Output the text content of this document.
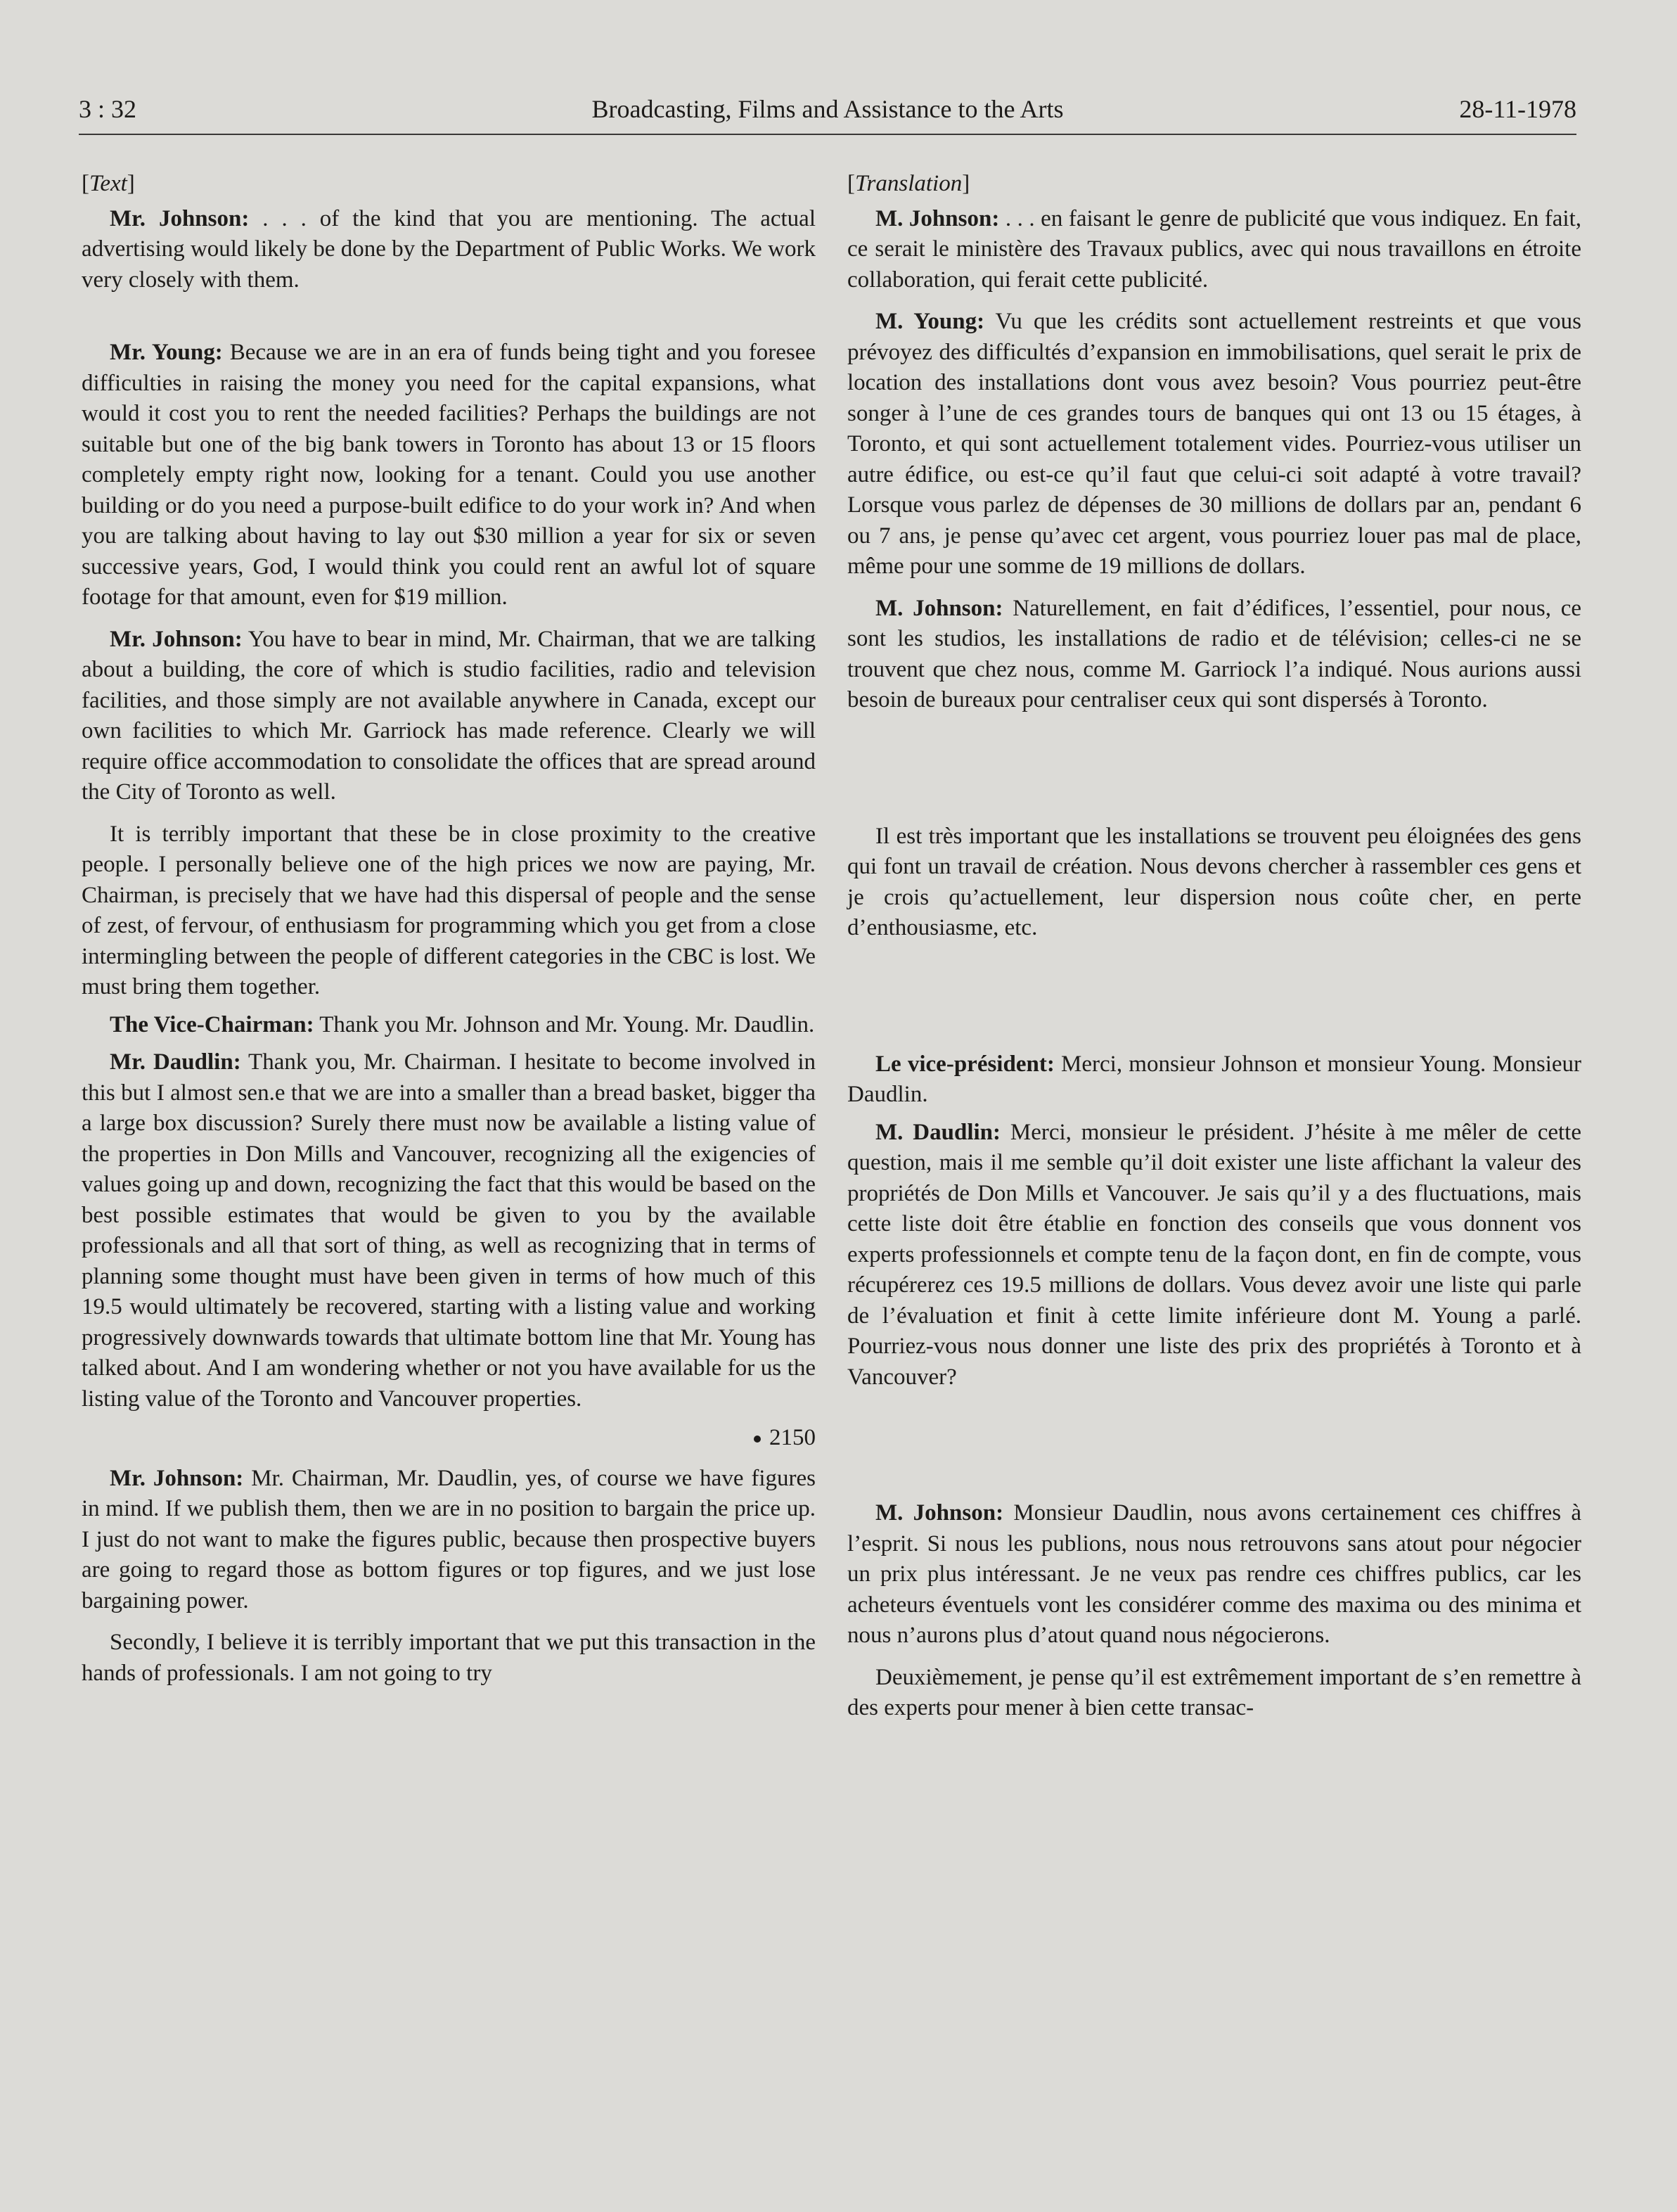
3 : 32	Broadcasting, Films and Assistance to the Arts	28-11-1978

[Text]

Mr. Johnson: . . . of the kind that you are mentioning. The actual advertising would likely be done by the Department of Public Works. We work very closely with them.

Mr. Young: Because we are in an era of funds being tight and you foresee difficulties in raising the money you need for the capital expansions, what would it cost you to rent the needed facilities? Perhaps the buildings are not suitable but one of the big bank towers in Toronto has about 13 or 15 floors completely empty right now, looking for a tenant. Could you use another building or do you need a purpose-built edifice to do your work in? And when you are talking about having to lay out $30 million a year for six or seven successive years, God, I would think you could rent an awful lot of square footage for that amount, even for $19 million.

Mr. Johnson: You have to bear in mind, Mr. Chairman, that we are talking about a building, the core of which is studio facilities, radio and television facilities, and those simply are not available anywhere in Canada, except our own facilities to which Mr. Garriock has made reference. Clearly we will require office accommodation to consolidate the offices that are spread around the City of Toronto as well.

It is terribly important that these be in close proximity to the creative people. I personally believe one of the high prices we now are paying, Mr. Chairman, is precisely that we have had this dispersal of people and the sense of zest, of fervour, of enthusiasm for programming which you get from a close intermingling between the people of different categories in the CBC is lost. We must bring them together.

The Vice-Chairman: Thank you Mr. Johnson and Mr. Young. Mr. Daudlin.

Mr. Daudlin: Thank you, Mr. Chairman. I hesitate to become involved in this but I almost sen.e that we are into a smaller than a bread basket, bigger tha a large box discussion? Surely there must now be available a listing value of the properties in Don Mills and Vancouver, recognizing all the exigencies of values going up and down, recognizing the fact that this would be based on the best possible estimates that would be given to you by the available professionals and all that sort of thing, as well as recognizing that in terms of planning some thought must have been given in terms of how much of this 19.5 would ultimately be recovered, starting with a listing value and working progressively downwards towards that ultimate bottom line that Mr. Young has talked about. And I am wondering whether or not you have available for us the listing value of the Toronto and Vancouver properties.

2150

Mr. Johnson: Mr. Chairman, Mr. Daudlin, yes, of course we have figures in mind. If we publish them, then we are in no position to bargain the price up. I just do not want to make the figures public, because then prospective buyers are going to regard those as bottom figures or top figures, and we just lose bargaining power.

Secondly, I believe it is terribly important that we put this transaction in the hands of professionals. I am not going to try

[Translation]

M. Johnson: . . . en faisant le genre de publicité que vous indiquez. En fait, ce serait le ministère des Travaux publics, avec qui nous travaillons en étroite collaboration, qui ferait cette publicité.

M. Young: Vu que les crédits sont actuellement restreints et que vous prévoyez des difficultés d’expansion en immobilisations, quel serait le prix de location des installations dont vous avez besoin? Vous pourriez peut-être songer à l’une de ces grandes tours de banques qui ont 13 ou 15 étages, à Toronto, et qui sont actuellement totalement vides. Pourriez-vous utiliser un autre édifice, ou est-ce qu’il faut que celui-ci soit adapté à votre travail? Lorsque vous parlez de dépenses de 30 millions de dollars par an, pendant 6 ou 7 ans, je pense qu’avec cet argent, vous pourriez louer pas mal de place, même pour une somme de 19 millions de dollars.

M. Johnson: Naturellement, en fait d’édifices, l’essentiel, pour nous, ce sont les studios, les installations de radio et de télévision; celles-ci ne se trouvent que chez nous, comme M. Garriock l’a indiqué. Nous aurions aussi besoin de bureaux pour centraliser ceux qui sont dispersés à Toronto.

Il est très important que les installations se trouvent peu éloignées des gens qui font un travail de création. Nous devons chercher à rassembler ces gens et je crois qu’actuellement, leur dispersion nous coûte cher, en perte d’enthousiasme, etc.

Le vice-président: Merci, monsieur Johnson et monsieur Young. Monsieur Daudlin.

M. Daudlin: Merci, monsieur le président. J’hésite à me mêler de cette question, mais il me semble qu’il doit exister une liste affichant la valeur des propriétés de Don Mills et Vancouver. Je sais qu’il y a des fluctuations, mais cette liste doit être établie en fonction des conseils que vous donnent vos experts professionnels et compte tenu de la façon dont, en fin de compte, vous récupérerez ces 19.5 millions de dollars. Vous devez avoir une liste qui parle de l’évaluation et finit à cette limite inférieure dont M. Young a parlé. Pourriez-vous nous donner une liste des prix des propriétés à Toronto et à Vancouver?

M. Johnson: Monsieur Daudlin, nous avons certainement ces chiffres à l’esprit. Si nous les publions, nous nous retrouvons sans atout pour négocier un prix plus intéressant. Je ne veux pas rendre ces chiffres publics, car les acheteurs éventuels vont les considérer comme des maxima ou des minima et nous n’aurons plus d’atout quand nous négocierons.

Deuxièmement, je pense qu’il est extrêmement important de s’en remettre à des experts pour mener à bien cette transac-
